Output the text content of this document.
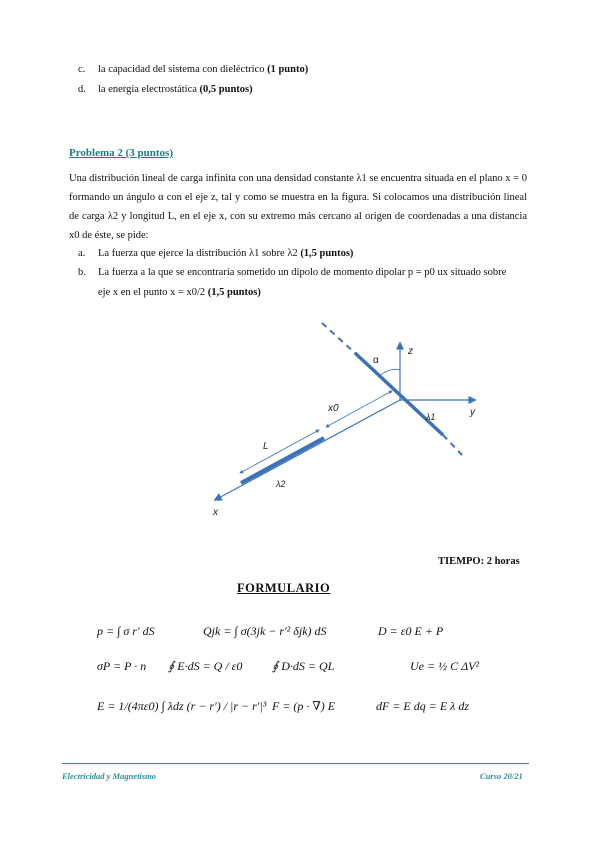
c. la capacidad del sistema con dieléctrico (1 punto)
d. la energía electrostática (0,5 puntos)
Problema 2 (3 puntos)
Una distribución lineal de carga infinita con una densidad constante λ1 se encuentra situada en el plano x = 0 formando un ángulo α con el eje z, tal y como se muestra en la figura. Si colocamos una distribución lineal de carga λ2 y longitud L, en el eje x, con su extremo más cercano al origen de coordenadas a una distancia x0 de éste, se pide:
a. La fuerza que ejerce la distribución λ1 sobre λ2 (1,5 puntos)
b. La fuerza a la que se encontraría sometido un dipolo de momento dipolar p = p0 ux situado sobre
eje x en el punto x = x0/2 (1,5 puntos)
α
z
y
x
x0
L
λ1
λ2
TIEMPO: 2 horas
FORMULARIO
p = ∫ σ r′ dS	Qjk = ∫ σ(3jk − r′² δjk) dS	D = ε0 E + P
σP = P · n ∮ E·dS = Q / ε0 ∮ D·dS = QL	Ue = ½ C ΔV²
E = 1/(4πε0) ∫ λdz (r − r′) / |r − r′|³ F = (p · ∇) E	dF = E dq = E λ dz
Electricidad y Magnetismo	Curso 20/21
